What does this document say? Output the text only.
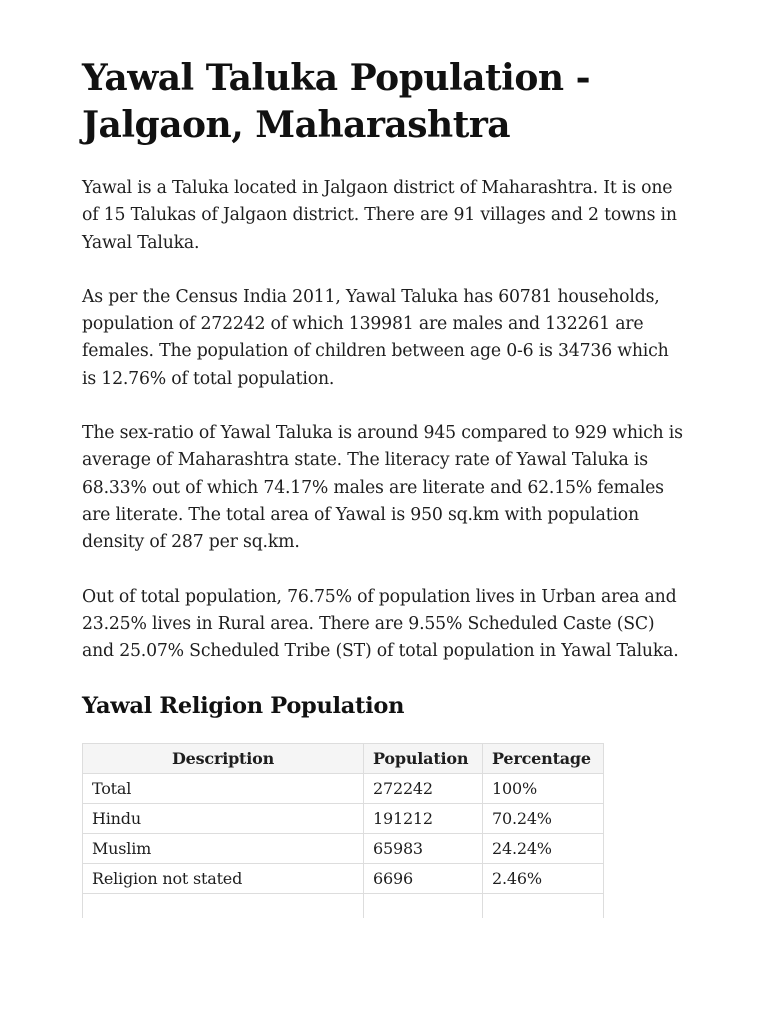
Yawal Taluka Population - Jalgaon, Maharashtra

Yawal is a Taluka located in Jalgaon district of Maharashtra. It is one of 15 Talukas of Jalgaon district. There are 91 villages and 2 towns in Yawal Taluka.

As per the Census India 2011, Yawal Taluka has 60781 households, population of 272242 of which 139981 are males and 132261 are females. The population of children between age 0-6 is 34736 which is 12.76% of total population.

The sex-ratio of Yawal Taluka is around 945 compared to 929 which is average of Maharashtra state. The literacy rate of Yawal Taluka is 68.33% out of which 74.17% males are literate and 62.15% females are literate. The total area of Yawal is 950 sq.km with population density of 287 per sq.km.

Out of total population, 76.75% of population lives in Urban area and 23.25% lives in Rural area. There are 9.55% Scheduled Caste (SC) and 25.07% Scheduled Tribe (ST) of total population in Yawal Taluka.

Yawal Religion Population
Description	Population	Percentage
Total	272242	100%
Hindu	191212	70.24%
Muslim	65983	24.24%
Religion not stated	6696	2.46%
